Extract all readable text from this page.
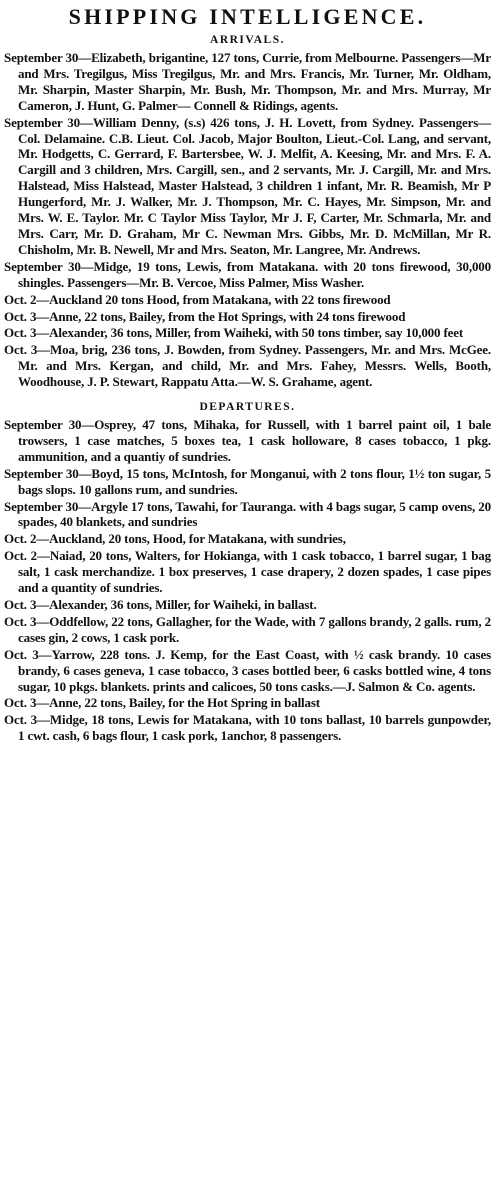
SHIPPING INTELLIGENCE.
ARRIVALS.

September 30—Elizabeth, brigantine, 127 tons, Currie, from Melbourne. Passengers—Mr and Mrs. Tregilgus, Miss Tregilgus, Mr. and Mrs. Francis, Mr. Turner, Mr. Oldham, Mr. Sharpin, Master Sharpin, Mr. Bush, Mr. Thompson, Mr. and Mrs. Murray, Mr Cameron, J. Hunt, G. Palmer— Connell & Ridings, agents.

September 30—William Denny, (s.s) 426 tons, J. H. Lovett, from Sydney. Passengers—Col. Delamaine. C.B. Lieut. Col. Jacob, Major Boulton, Lieut.-Col. Lang, and servant, Mr. Hodgetts, C. Gerrard, F. Bartersbee, W. J. Melfit, A. Keesing, Mr. and Mrs. F. A. Cargill and 3 children, Mrs. Cargill, sen., and 2 servants, Mr. J. Cargill, Mr. and Mrs. Halstead, Miss Halstead, Master Halstead, 3 children 1 infant, Mr. R. Beamish, Mr P Hungerford, Mr. J. Walker, Mr. J. Thompson, Mr. C. Hayes, Mr. Simpson, Mr. and Mrs. W. E. Taylor. Mr. C Taylor Miss Taylor, Mr J. F, Carter, Mr. Schmarla, Mr. and Mrs. Carr, Mr. D. Graham, Mr C. Newman Mrs. Gibbs, Mr. D. McMillan, Mr R. Chisholm, Mr. B. Newell, Mr and Mrs. Seaton, Mr. Langree, Mr. Andrews.

September 30—Midge, 19 tons, Lewis, from Matakana. with 20 tons firewood, 30,000 shingles. Passengers—Mr. B. Vercoe, Miss Palmer, Miss Washer.

Oct. 2—Auckland 20 tons Hood, from Matakana, with 22 tons firewood

Oct. 3—Anne, 22 tons, Bailey, from the Hot Springs, with 24 tons firewood

Oct. 3—Alexander, 36 tons, Miller, from Waiheki, with 50 tons timber, say 10,000 feet

Oct. 3—Moa, brig, 236 tons, J. Bowden, from Sydney. Passengers, Mr. and Mrs. McGee. Mr. and Mrs. Kergan, and child, Mr. and Mrs. Fahey, Messrs. Wells, Booth, Woodhouse, J. P. Stewart, Rappatu Atta.—W. S. Grahame, agent.

DEPARTURES.

September 30—Osprey, 47 tons, Mihaka, for Russell, with 1 barrel paint oil, 1 bale trowsers, 1 case matches, 5 boxes tea, 1 cask holloware, 8 cases tobacco, 1 pkg. ammunition, and a quantiy of sundries.

September 30—Boyd, 15 tons, McIntosh, for Monganui, with 2 tons flour, 1½ ton sugar, 5 bags slops. 10 gallons rum, and sundries.

September 30—Argyle 17 tons, Tawahi, for Tauranga. with 4 bags sugar, 5 camp ovens, 20 spades, 40 blankets, and sundries

Oct. 2—Auckland, 20 tons, Hood, for Matakana, with sundries,

Oct. 2—Naiad, 20 tons, Walters, for Hokianga, with 1 cask tobacco, 1 barrel sugar, 1 bag salt, 1 cask merchandize. 1 box preserves, 1 case drapery, 2 dozen spades, 1 case pipes and a quantity of sundries.

Oct. 3—Alexander, 36 tons, Miller, for Waiheki, in ballast.

Oct. 3—Oddfellow, 22 tons, Gallagher, for the Wade, with 7 gallons brandy, 2 galls. rum, 2 cases gin, 2 cows, 1 cask pork.

Oct. 3—Yarrow, 228 tons. J. Kemp, for the East Coast, with ½ cask brandy. 10 cases brandy, 6 cases geneva, 1 case tobacco, 3 cases bottled beer, 6 casks bottled wine, 4 tons sugar, 10 pkgs. blankets. prints and calicoes, 50 tons casks.—J. Salmon & Co. agents.

Oct. 3—Anne, 22 tons, Bailey, for the Hot Spring in ballast

Oct. 3—Midge, 18 tons, Lewis for Matakana, with 10 tons ballast, 10 barrels gunpowder, 1 cwt. cash, 6 bags flour, 1 cask pork, 1anchor, 8 passengers.
